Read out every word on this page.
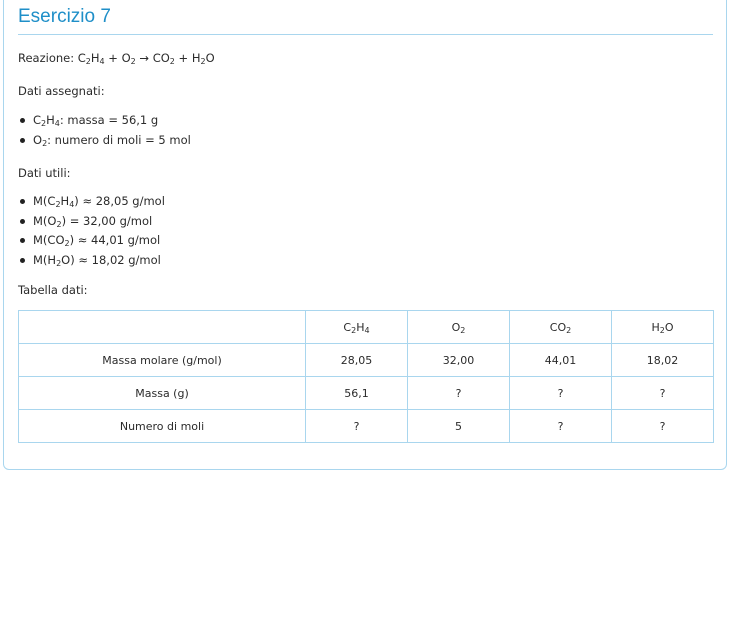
Esercizio 7
Reazione: $C_2H_4 + O_2 \to CO_2 + H_2O$
Dati assegnati:
$C_2H_4$: massa = 56,1 g
$O_2$: numero di moli = 5 mol
Dati utili:
$M(C_2H_4) \approx 28,05$ g/mol
$M(O_2) = 32,00$ g/mol
$M(CO_2) \approx 44,01$ g/mol
$M(H_2O) \approx 18,02$ g/mol
Tabella dati:
	$C_2H_4$	$O_2$	$CO_2$	$H_2O$
Massa molare (g/mol)	28,05	32,00	44,01	18,02
Massa (g)	56,1	?	?	?
Numero di moli	?	5	?	?
